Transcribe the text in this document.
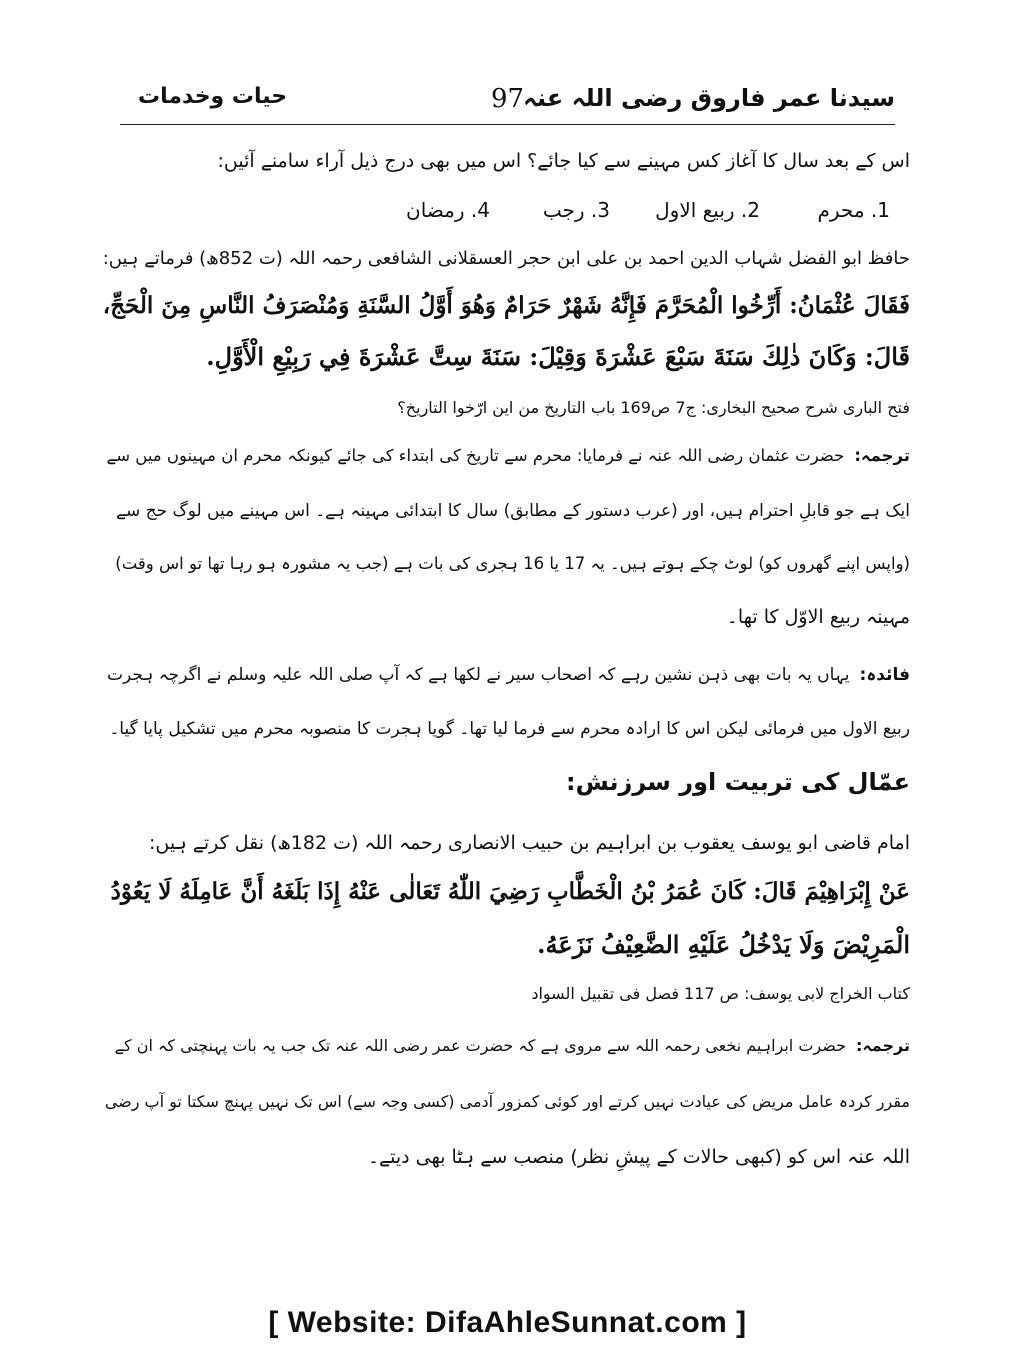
سیدنا عمر فاروق رضی اللہ عنہ
97
حیات وخدمات
اس کے بعد سال کا آغاز کس مہینے سے کیا جائے؟ اس میں بھی درج ذیل آراء سامنے آئیں:
1. محرم
2. ربیع الاول
3. رجب
4. رمضان
حافظ ابو الفضل شہاب الدین احمد بن علی ابن حجر العسقلانی الشافعی رحمہ اللہ (ت 852ھ) فرماتے ہیں:
فَقَالَ عُثْمَانُ: أَرِّخُوا الْمُحَرَّمَ فَإِنَّهُ شَهْرٌ حَرَامٌ وَهُوَ أَوَّلُ السَّنَةِ وَمُنْصَرَفُ النَّاسِ مِنَ الْحَجِّ،
قَالَ: وَكَانَ ذٰلِكَ سَنَةَ سَبْعَ عَشْرَةَ وَقِيْلَ: سَنَةَ سِتَّ عَشْرَةَ فِي رَبِيْعِ الْأَوَّلِ.
فتح الباری شرح صحیح البخاری: ج7 ص169 باب التاریخ من این ارّخوا التاریخ؟
ترجمہ:حضرت عثمان رضی اللہ عنہ نے فرمایا: محرم سے تاریخ کی ابتداء کی جائے کیونکہ محرم ان مہینوں میں سے
ایک ہے جو قابلِ احترام ہیں، اور (عرب دستور کے مطابق) سال کا ابتدائی مہینہ ہے۔ اس مہینے میں لوگ حج سے
(واپس اپنے گھروں کو) لوٹ چکے ہوتے ہیں۔ یہ 17 یا 16 ہجری کی بات ہے (جب یہ مشورہ ہو رہا تھا تو اس وقت)
مہینہ ربیع الاوّل کا تھا۔
فائدہ:یہاں یہ بات بھی ذہن نشین رہے کہ اصحاب سیر نے لکھا ہے کہ آپ صلی اللہ علیہ وسلم نے اگرچہ ہجرت
ربیع الاول میں فرمائی لیکن اس کا ارادہ محرم سے فرما لیا تھا۔ گویا ہجرت کا منصوبہ محرم میں تشکیل پایا گیا۔
عمّال کی تربیت اور سرزنش:
امام قاضی ابو یوسف یعقوب بن ابراہیم بن حبیب الانصاری رحمہ اللہ (ت 182ھ) نقل کرتے ہیں:
عَنْ إِبْرَاهِيْمَ قَالَ: كَانَ عُمَرُ بْنُ الْخَطَّابِ رَضِيَ اللّٰهُ تَعَالٰى عَنْهُ إِذَا بَلَغَهُ أَنَّ عَامِلَهُ لَا يَعُوْدُ
الْمَرِيْضَ وَلَا يَدْخُلُ عَلَيْهِ الضَّعِيْفُ نَزَعَهُ.
کتاب الخراج لابی یوسف: ص 117 فصل فی تقبیل السواد
ترجمہ:حضرت ابراہیم نخعی رحمہ اللہ سے مروی ہے کہ حضرت عمر رضی اللہ عنہ تک جب یہ بات پہنچتی کہ ان کے
مقرر کردہ عامل مریض کی عیادت نہیں کرتے اور کوئی کمزور آدمی (کسی وجہ سے) اس تک نہیں پہنچ سکتا تو آپ رضی
اللہ عنہ اس کو (کبھی حالات کے پیشِ نظر) منصب سے ہٹا بھی دیتے۔
[ Website: DifaAhleSunnat.com ]
